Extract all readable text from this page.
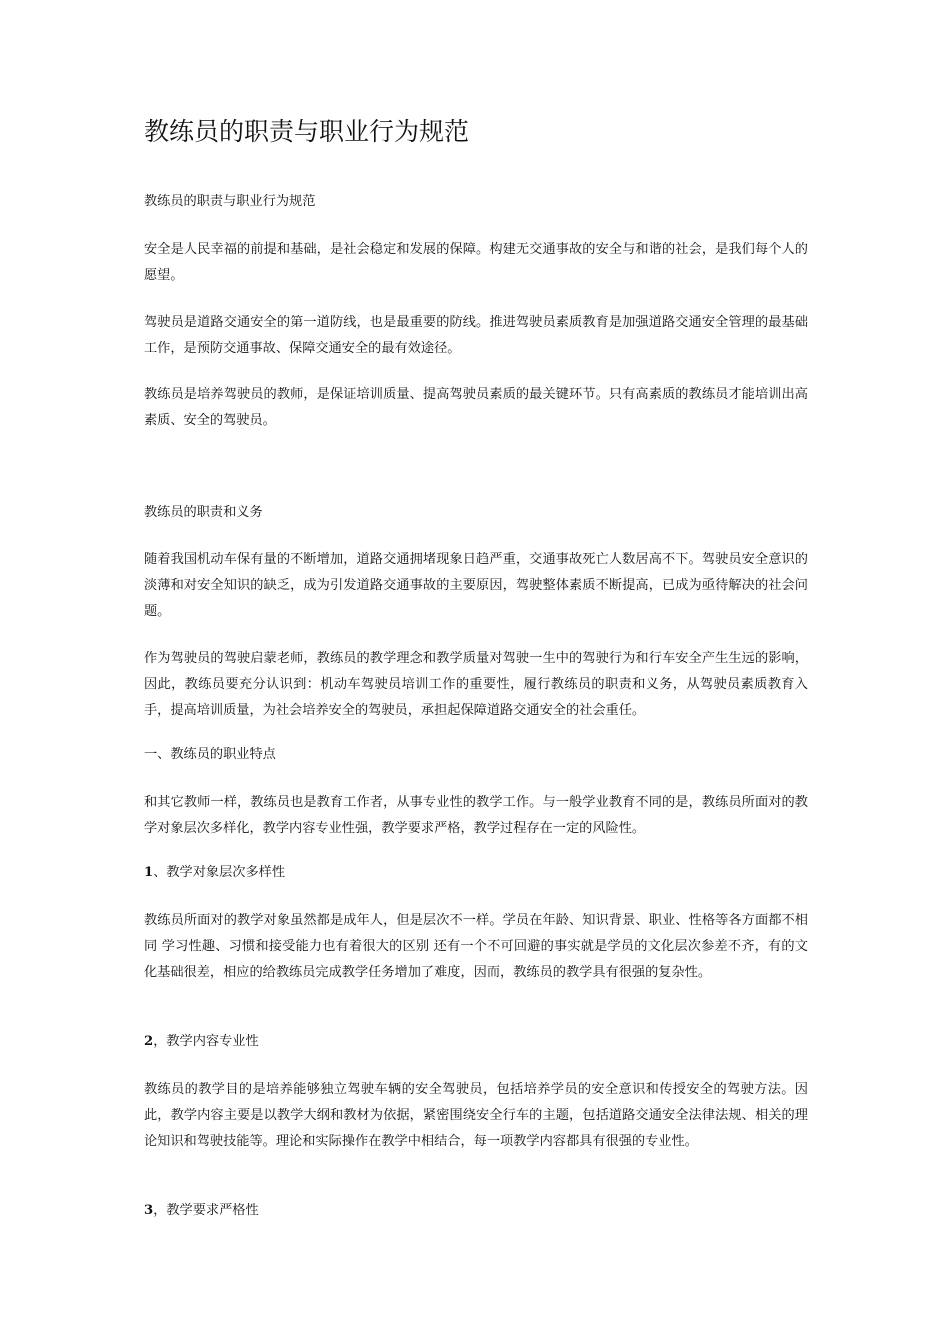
教练员的职责与职业行为规范

教练员的职责与职业行为规范

安全是人民幸福的前提和基础，是社会稳定和发展的保障。构建无交通事故的安全与和谐的社会，是我们每个人的愿望。

驾驶员是道路交通安全的第一道防线，也是最重要的防线。推进驾驶员素质教育是加强道路交通安全管理的最基础工作，是预防交通事故、保障交通安全的最有效途径。

教练员是培养驾驶员的教师，是保证培训质量、提高驾驶员素质的最关键环节。只有高素质的教练员才能培训出高素质、安全的驾驶员。

教练员的职责和义务

随着我国机动车保有量的不断增加，道路交通拥堵现象日趋严重，交通事故死亡人数居高不下。驾驶员安全意识的淡薄和对安全知识的缺乏，成为引发道路交通事故的主要原因，驾驶整体素质不断提高，已成为亟待解决的社会问题。

作为驾驶员的驾驶启蒙老师，教练员的教学理念和教学质量对驾驶一生中的驾驶行为和行车安全产生生远的影响，因此，教练员要充分认识到：机动车驾驶员培训工作的重要性，履行教练员的职责和义务，从驾驶员素质教育入手，提高培训质量，为社会培养安全的驾驶员，承担起保障道路交通安全的社会重任。

一、教练员的职业特点

和其它教师一样，教练员也是教育工作者，从事专业性的教学工作。与一般学业教育不同的是，教练员所面对的教学对象层次多样化，教学内容专业性强，教学要求严格，教学过程存在一定的风险性。

1、教学对象层次多样性

教练员所面对的教学对象虽然都是成年人，但是层次不一样。学员在年龄、知识背景、职业、性格等各方面都不相同 学习性趣、习惯和接受能力也有着很大的区别 还有一个不可回避的事实就是学员的文化层次参差不齐，有的文化基础很差，相应的给教练员完成教学任务增加了难度，因而，教练员的教学具有很强的复杂性。

2，教学内容专业性

教练员的教学目的是培养能够独立驾驶车辆的安全驾驶员，包括培养学员的安全意识和传授安全的驾驶方法。因此，教学内容主要是以教学大纲和教材为依据，紧密围绕安全行车的主题，包括道路交通安全法律法规、相关的理论知识和驾驶技能等。理论和实际操作在教学中相结合，每一项教学内容都具有很强的专业性。

3，教学要求严格性
